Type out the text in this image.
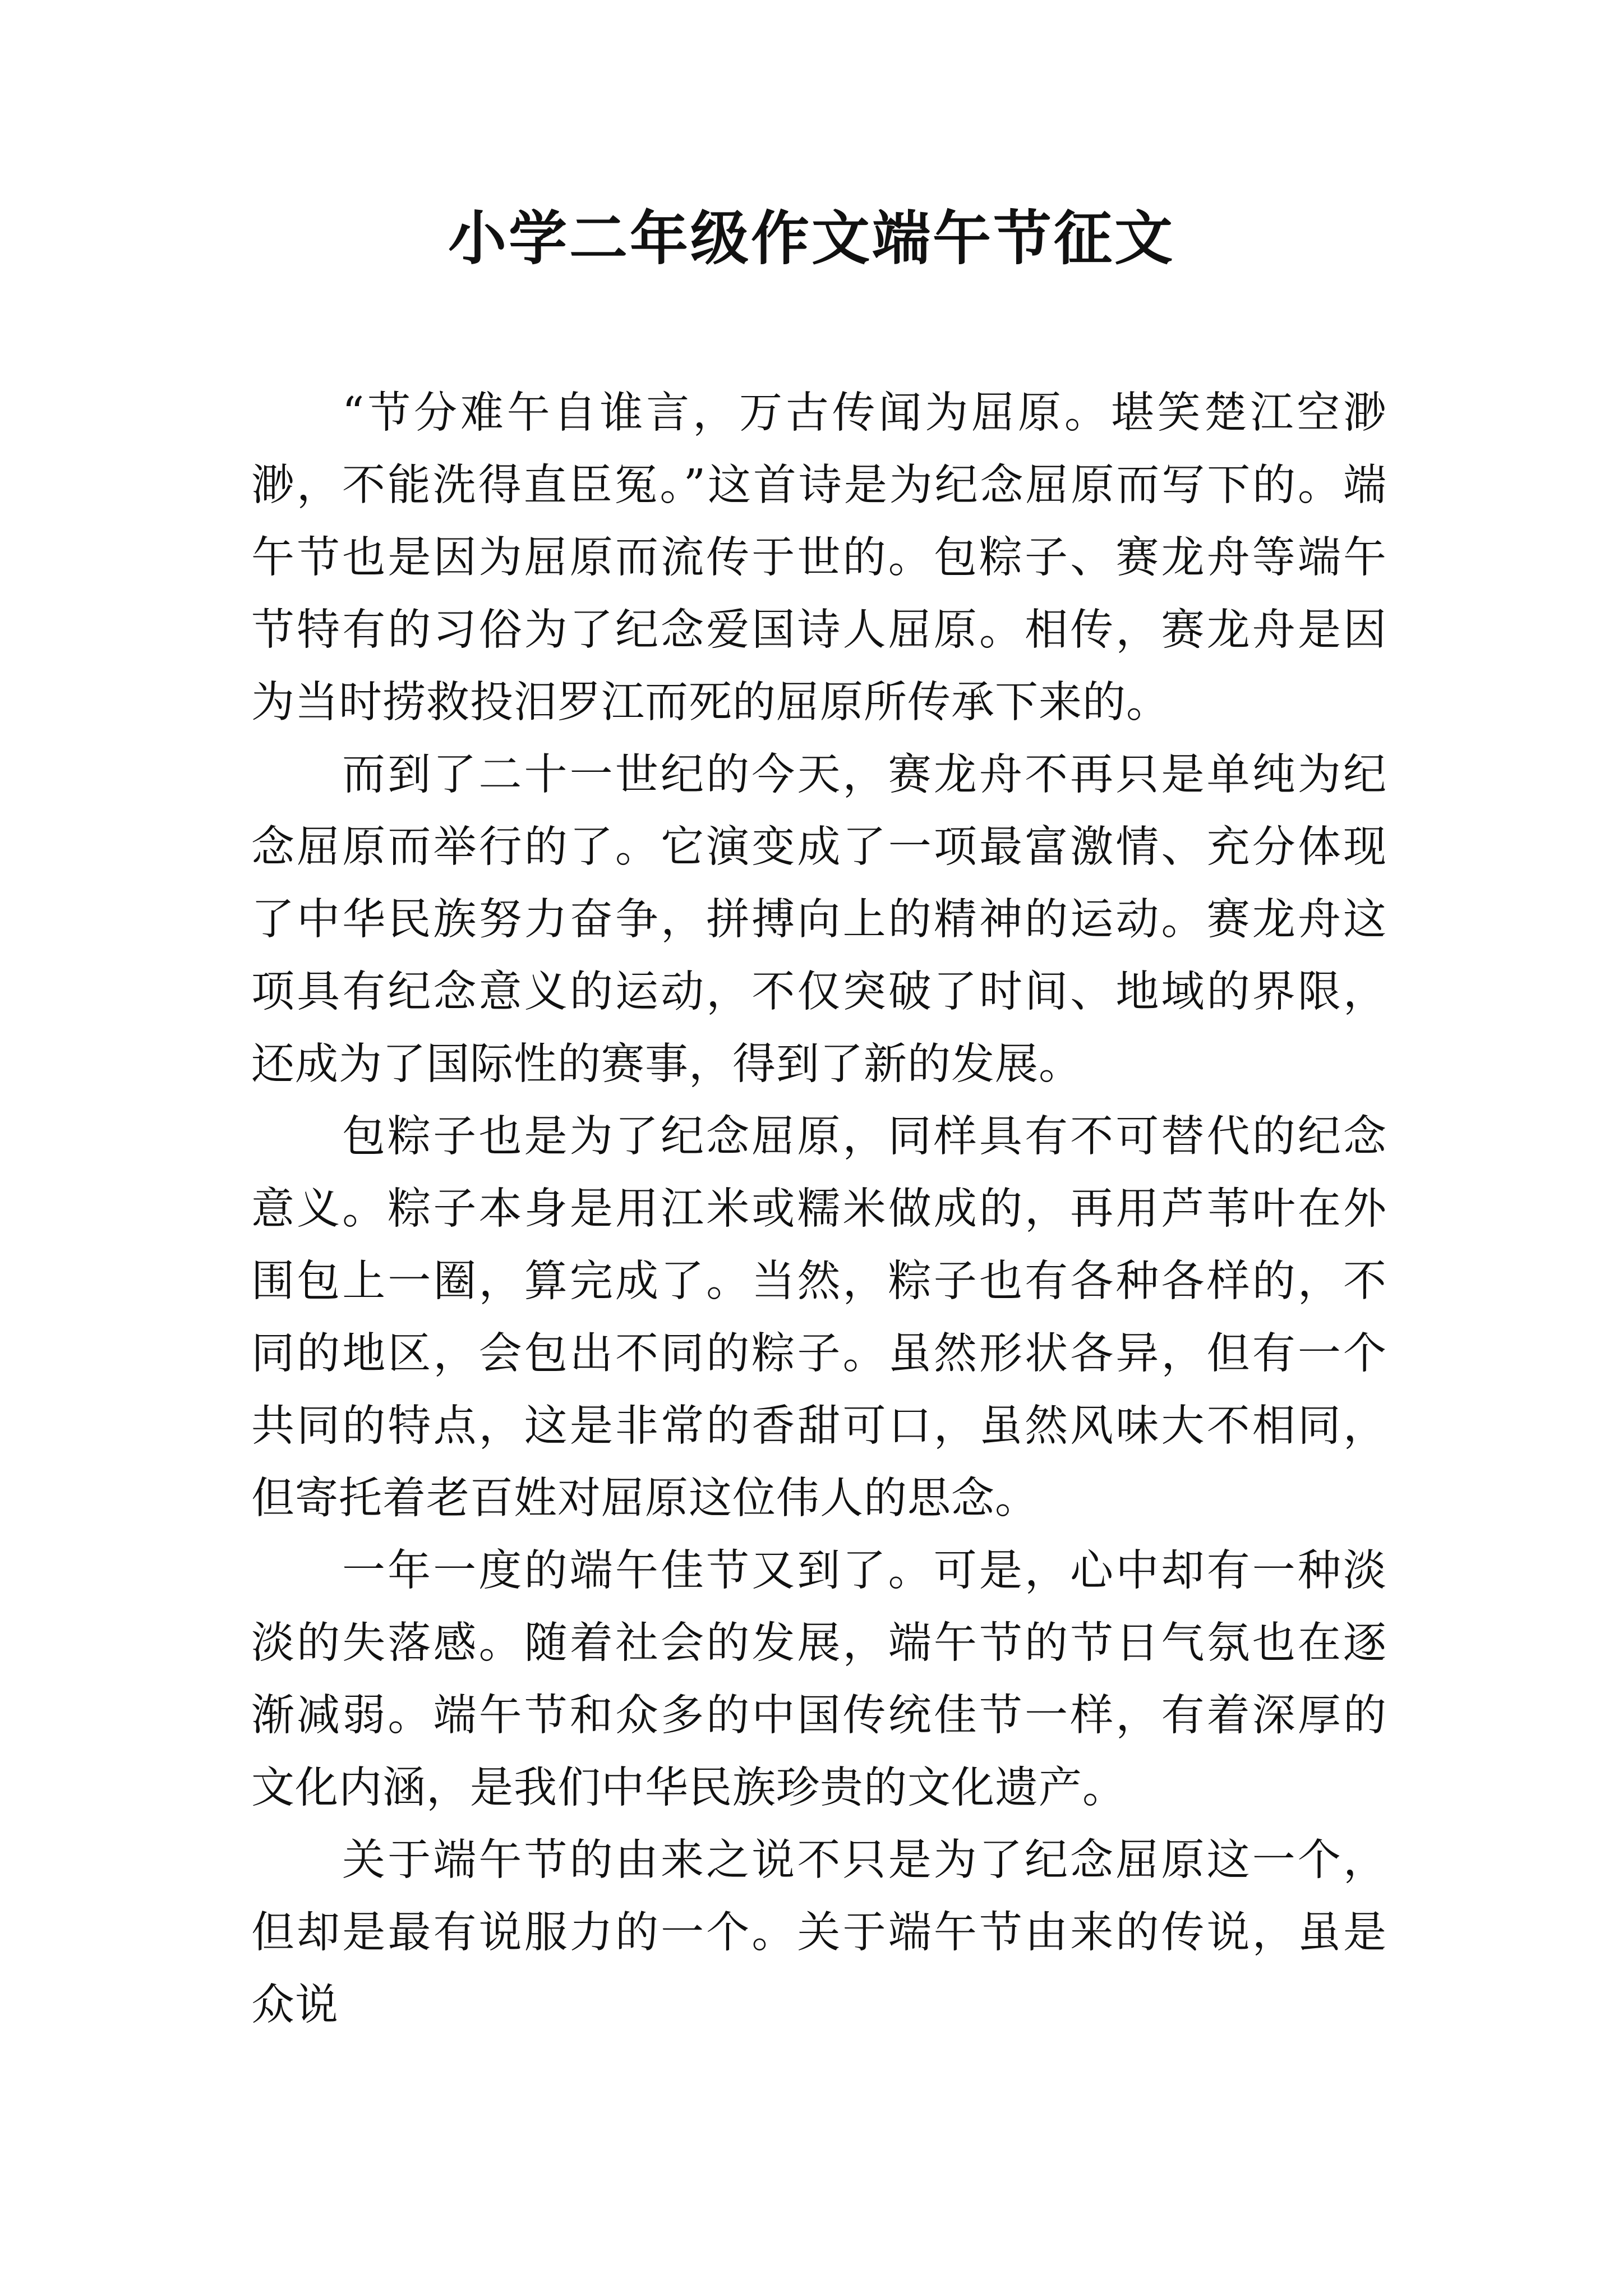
小学二年级作文端午节征文

“节分难午自谁言，万古传闻为屈原。堪笑楚江空渺渺，不能洗得直臣冤。”这首诗是为纪念屈原而写下的。端午节也是因为屈原而流传于世的。包粽子、赛龙舟等端午节特有的习俗为了纪念爱国诗人屈原。相传，赛龙舟是因为当时捞救投汨罗江而死的屈原所传承下来的。

而到了二十一世纪的今天，赛龙舟不再只是单纯为纪念屈原而举行的了。它演变成了一项最富激情、充分体现了中华民族努力奋争，拼搏向上的精神的运动。赛龙舟这项具有纪念意义的运动，不仅突破了时间、地域的界限，还成为了国际性的赛事，得到了新的发展。

包粽子也是为了纪念屈原，同样具有不可替代的纪念意义。粽子本身是用江米或糯米做成的，再用芦苇叶在外围包上一圈，算完成了。当然，粽子也有各种各样的，不同的地区，会包出不同的粽子。虽然形状各异，但有一个共同的特点，这是非常的香甜可口，虽然风味大不相同，但寄托着老百姓对屈原这位伟人的思念。

一年一度的端午佳节又到了。可是，心中却有一种淡淡的失落感。随着社会的发展，端午节的节日气氛也在逐渐减弱。端午节和众多的中国传统佳节一样，有着深厚的文化内涵，是我们中华民族珍贵的文化遗产。

关于端午节的由来之说不只是为了纪念屈原这一个，但却是最有说服力的一个。关于端午节由来的传说，虽是众说
